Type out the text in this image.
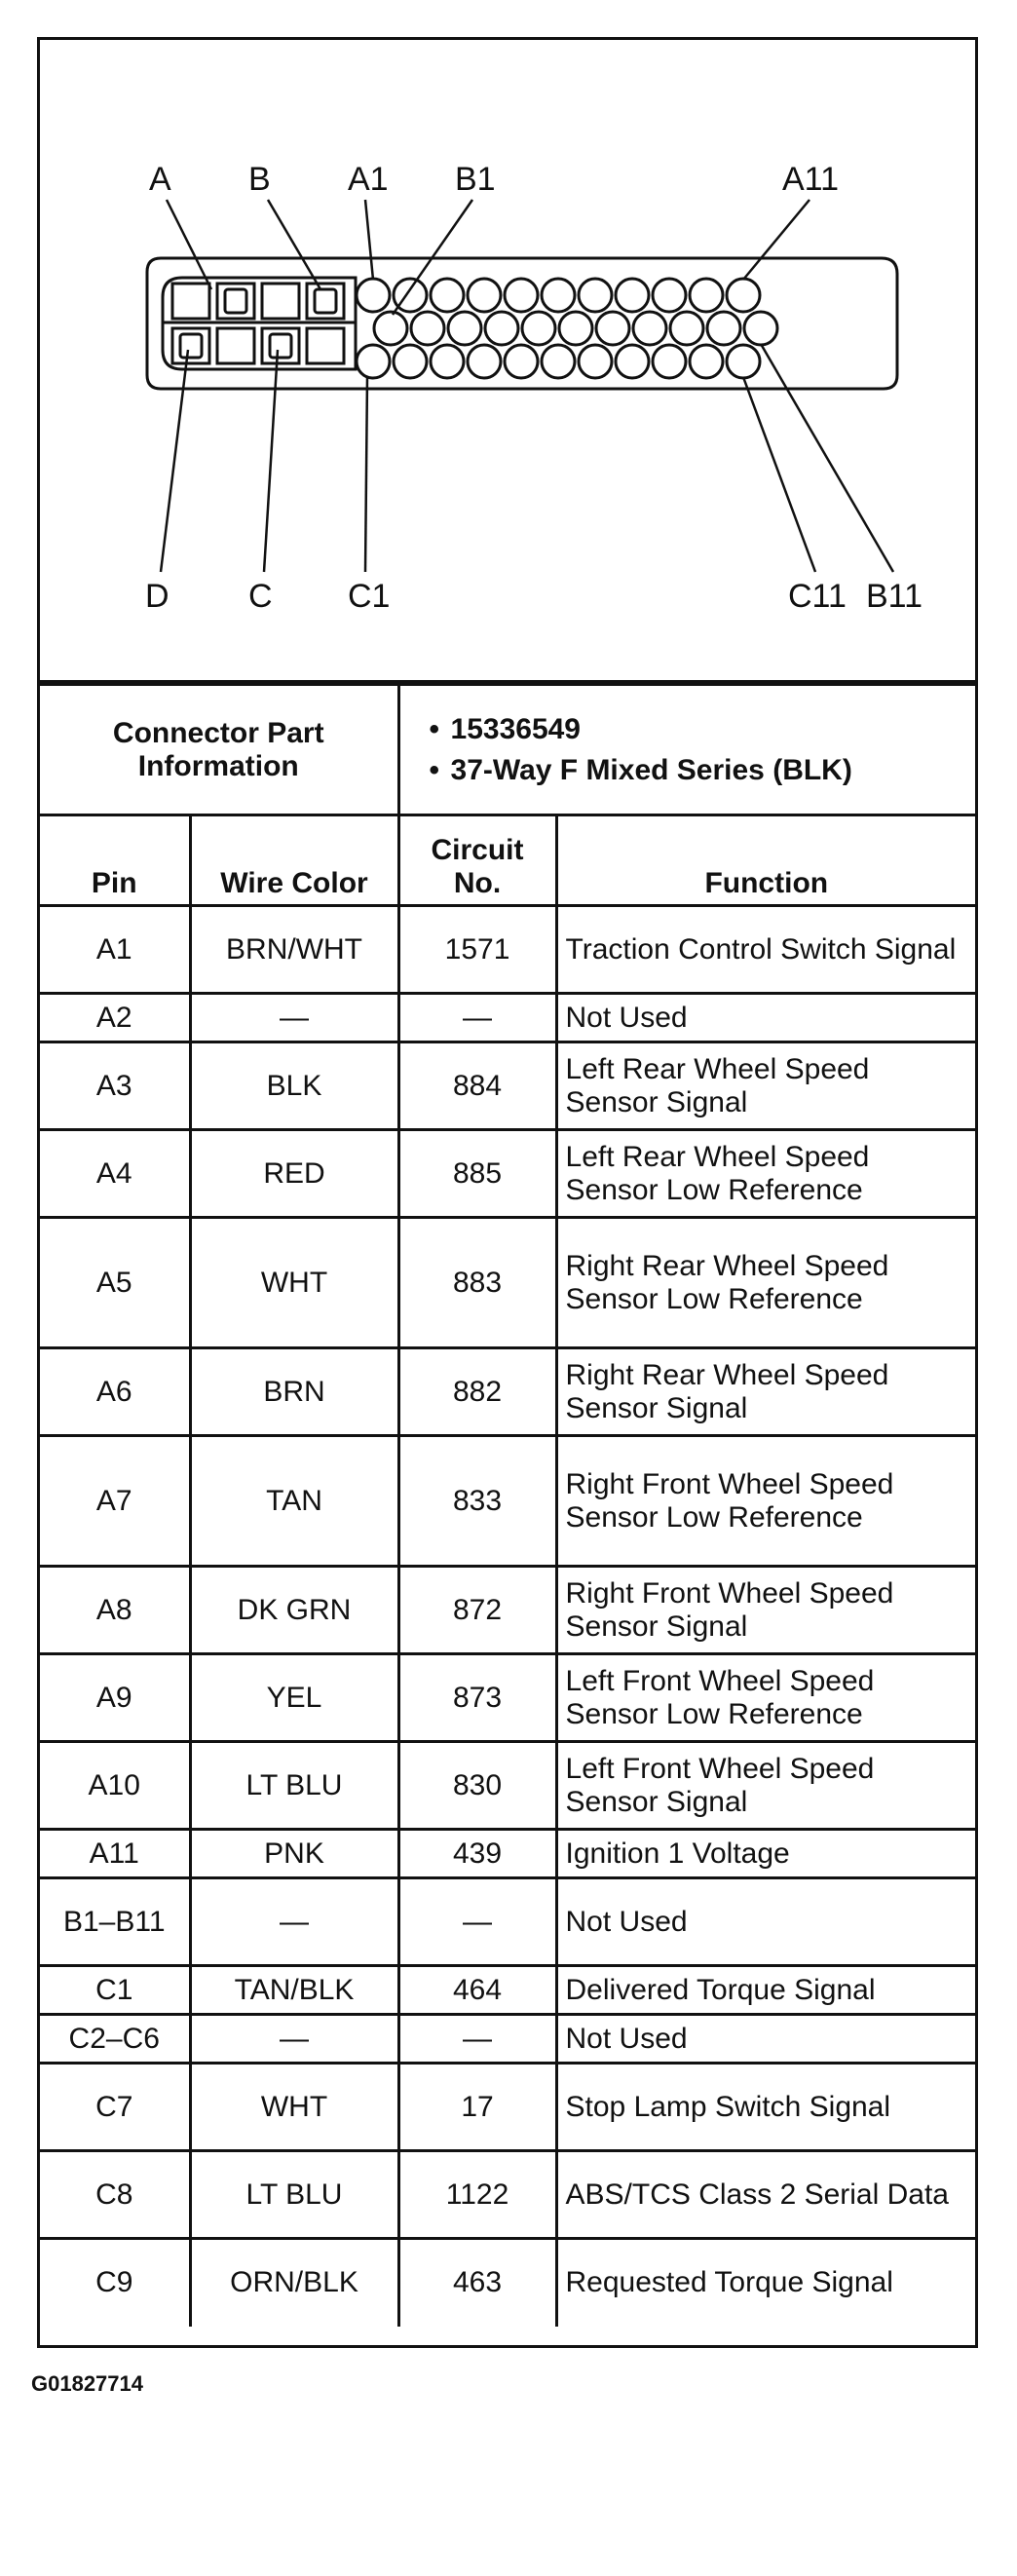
A B A1 B1	A11
D C C1	C11 B11
Connector Part Information		• 15336549
• 37-Way F Mixed Series (BLK)

Pin	Wire Color	Circuit No.	Function
A1	BRN/WHT	1571	Traction Control Switch Signal
A2	—	—	Not Used
A3	BLK	884	Left Rear Wheel Speed Sensor Signal
A4	RED	885	Left Rear Wheel Speed Sensor Low Reference
A5	WHT	883	Right Rear Wheel Speed Sensor Low Reference
A6	BRN	882	Right Rear Wheel Speed Sensor Signal
A7	TAN	833	Right Front Wheel Speed Sensor Low Reference
A8	DK GRN	872	Right Front Wheel Speed Sensor Signal
A9	YEL	873	Left Front Wheel Speed Sensor Low Reference
A10	LT BLU	830	Left Front Wheel Speed Sensor Signal
A11	PNK	439	Ignition 1 Voltage
B1–B11	—	—	Not Used
C1	TAN/BLK	464	Delivered Torque Signal
C2–C6	—	—	Not Used
C7	WHT	17	Stop Lamp Switch Signal
C8	LT BLU	1122	ABS/TCS Class 2 Serial Data
C9	ORN/BLK	463	Requested Torque Signal
G01827714
